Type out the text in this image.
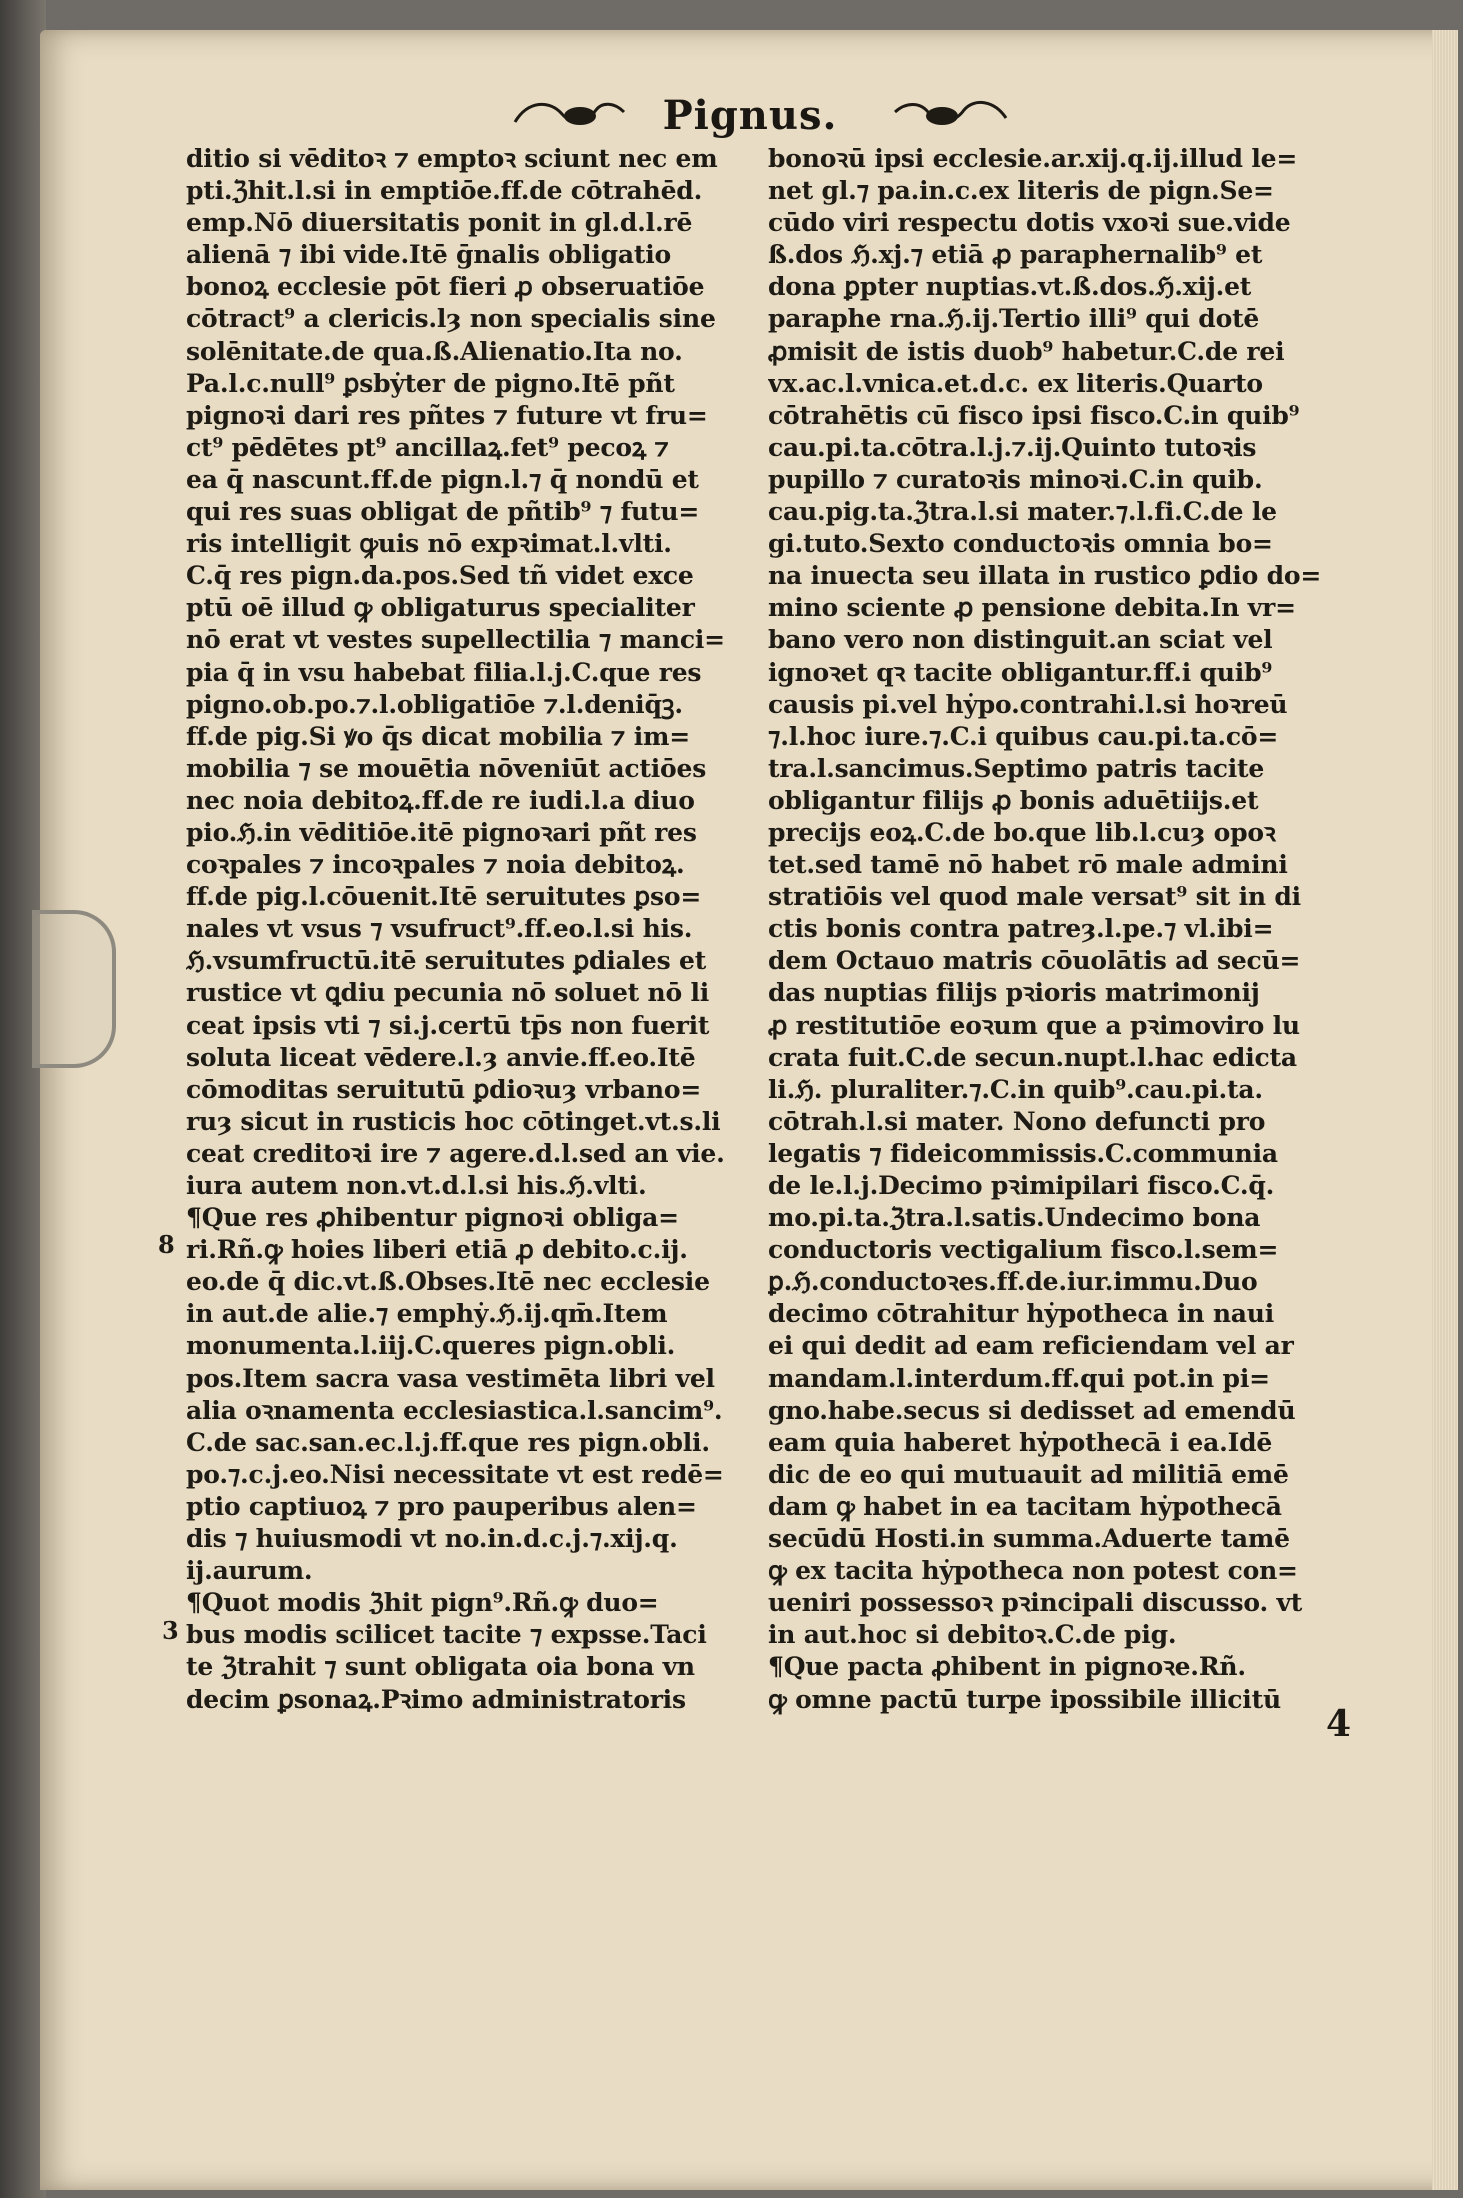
Pignus.
8
3
ditio si vēditoꝛ ⁊ emptoꝛ sciunt nec em
pti.ℨhit.l.si in emptiōe.ff.de cōtrahēd.
emp.Nō diuersitatis ponit in gl.d.l.rē
alienā ⁊ ibi vide.Itē ḡnalis obligatio
bonoꝝ ecclesie pōt fieri ꝓ obseruatiōe
cōtract⁹ a clericis.lȝ non specialis sine
solēnitate.de qua.ß.Alienatio.Ita no.
Pa.l.c.null⁹ ꝑsbẏter de pigno.Itē pñt
pignoꝛi dari res pñtes ⁊ future vt fru=
ct⁹ pēdētes pt⁹ ancillaꝝ.fet⁹ pecoꝝ ⁊
ea q̄ nascunt.ff.de pign.l.⁊ q̄ nondū et
qui res suas obligat de pñtib⁹ ⁊ futu=
ris intelligit ꝙuis nō expꝛimat.l.vlti.
C.q̄ res pign.da.pos.Sed tñ videt exce
ptū oē illud ꝙ obligaturus specialiter
nō erat vt vestes supellectilia ⁊ manci=
pia q̄ in vsu habebat filia.l.j.C.que res
pigno.ob.po.⁊.l.obligatiōe ⁊.l.deniq̄ꝫ.
ff.de pig.Si ꝟo q̄s dicat mobilia ⁊ im=
mobilia ⁊ se mouētia nōveniūt actiōes
nec noia debitoꝝ.ff.de re iudi.l.a diuo
pio.ℌ.in vēditiōe.itē pignoꝛari pñt res
coꝛpales ⁊ incoꝛpales ⁊ noia debitoꝝ.
ff.de pig.l.cōuenit.Itē seruitutes ꝑso=
nales vt vsus ⁊ vsufruct⁹.ff.eo.l.si his.
ℌ.vsumfructū.itē seruitutes ꝑdiales et
rustice vt ꝗdiu pecunia nō soluet nō li
ceat ipsis vti ⁊ si.j.certū tp̄s non fuerit
soluta liceat vēdere.l.ȝ anvie.ff.eo.Itē
cōmoditas seruitutū ꝑdioꝛuȝ vrbano=
ruȝ sicut in rusticis hoc cōtinget.vt.s.li
ceat creditoꝛi ire ⁊ agere.d.l.sed an vie.
iura autem non.vt.d.l.si his.ℌ.vlti.
¶Que res ꝓhibentur pignoꝛi obliga=
ri.Rñ.ꝙ hoies liberi etiā ꝓ debito.c.ij.
eo.de q̄ dic.vt.ß.Obses.Itē nec ecclesie
in aut.de alie.⁊ emphẏ.ℌ.ij.qm̄.Item
monumenta.l.iij.C.queres pign.obli.
pos.Item sacra vasa vestimēta libri vel
alia oꝛnamenta ecclesiastica.l.sancim⁹.
C.de sac.san.ec.l.j.ff.que res pign.obli.
po.⁊.c.j.eo.Nisi necessitate vt est redē=
ptio captiuoꝝ ⁊ pro pauperibus alen=
dis ⁊ huiusmodi vt no.in.d.c.j.⁊.xij.q.
ij.aurum.
¶Quot modis ℨhit pign⁹.Rñ.ꝙ duo=
bus modis scilicet tacite ⁊ expsse.Taci
te ℨtrahit ⁊ sunt obligata oia bona vn
decim ꝑsonaꝝ.Pꝛimo administratoris
bonoꝛū ipsi ecclesie.ar.xij.q.ij.illud le=
net gl.⁊ pa.in.c.ex literis de pign.Se=
cūdo viri respectu dotis vxoꝛi sue.vide
ß.dos ℌ.xj.⁊ etiā ꝓ paraphernalib⁹ et
dona ꝑpter nuptias.vt.ß.dos.ℌ.xij.et
paraphe rna.ℌ.ij.Tertio illi⁹ qui dotē
ꝓmisit de istis duob⁹ habetur.C.de rei
vx.ac.l.vnica.et.d.c. ex literis.Quarto
cōtrahētis cū fisco ipsi fisco.C.in quib⁹
cau.pi.ta.cōtra.l.j.⁊.ij.Quinto tutoꝛis
pupillo ⁊ curatoꝛis minoꝛi.C.in quib.
cau.pig.ta.ℨtra.l.si mater.⁊.l.fi.C.de le
gi.tuto.Sexto conductoꝛis omnia bo=
na inuecta seu illata in rustico ꝑdio do=
mino sciente ꝓ pensione debita.In vr=
bano vero non distinguit.an sciat vel
ignoꝛet qꝛ tacite obligantur.ff.i quib⁹
causis pi.vel hẏpo.contrahi.l.si hoꝛreū
⁊.l.hoc iure.⁊.C.i quibus cau.pi.ta.cō=
tra.l.sancimus.Septimo patris tacite
obligantur filijs ꝓ bonis aduētiijs.et
precijs eoꝝ.C.de bo.que lib.l.cuȝ opoꝛ
tet.sed tamē nō habet rō male admini
stratiōis vel quod male versat⁹ sit in di
ctis bonis contra patreȝ.l.pe.⁊ vl.ibi=
dem Octauo matris cōuolātis ad secū=
das nuptias filijs pꝛioris matrimonij
ꝓ restitutiōe eoꝛum que a pꝛimoviro lu
crata fuit.C.de secun.nupt.l.hac edicta
li.ℌ. pluraliter.⁊.C.in quib⁹.cau.pi.ta.
cōtrah.l.si mater. Nono defuncti pro
legatis ⁊ fideicommissis.C.communia
de le.l.j.Decimo pꝛimipilari fisco.C.q̄.
mo.pi.ta.ℨtra.l.satis.Undecimo bona
conductoris vectigalium fisco.l.sem=
ꝑ.ℌ.conductoꝛes.ff.de.iur.immu.Duo
decimo cōtrahitur hẏpotheca in naui
ei qui dedit ad eam reficiendam vel ar
mandam.l.interdum.ff.qui pot.in pi=
gno.habe.secus si dedisset ad emendū
eam quia haberet hẏpothecā i ea.Idē
dic de eo qui mutuauit ad militiā emē
dam ꝙ habet in ea tacitam hẏpothecā
secūdū Hosti.in summa.Aduerte tamē
ꝙ ex tacita hẏpotheca non potest con=
ueniri possessoꝛ pꝛincipali discusso. vt
in aut.hoc si debitoꝛ.C.de pig.
¶Que pacta ꝓhibent in pignoꝛe.Rñ.
ꝙ omne pactū turpe ipossibile illicitū
4
